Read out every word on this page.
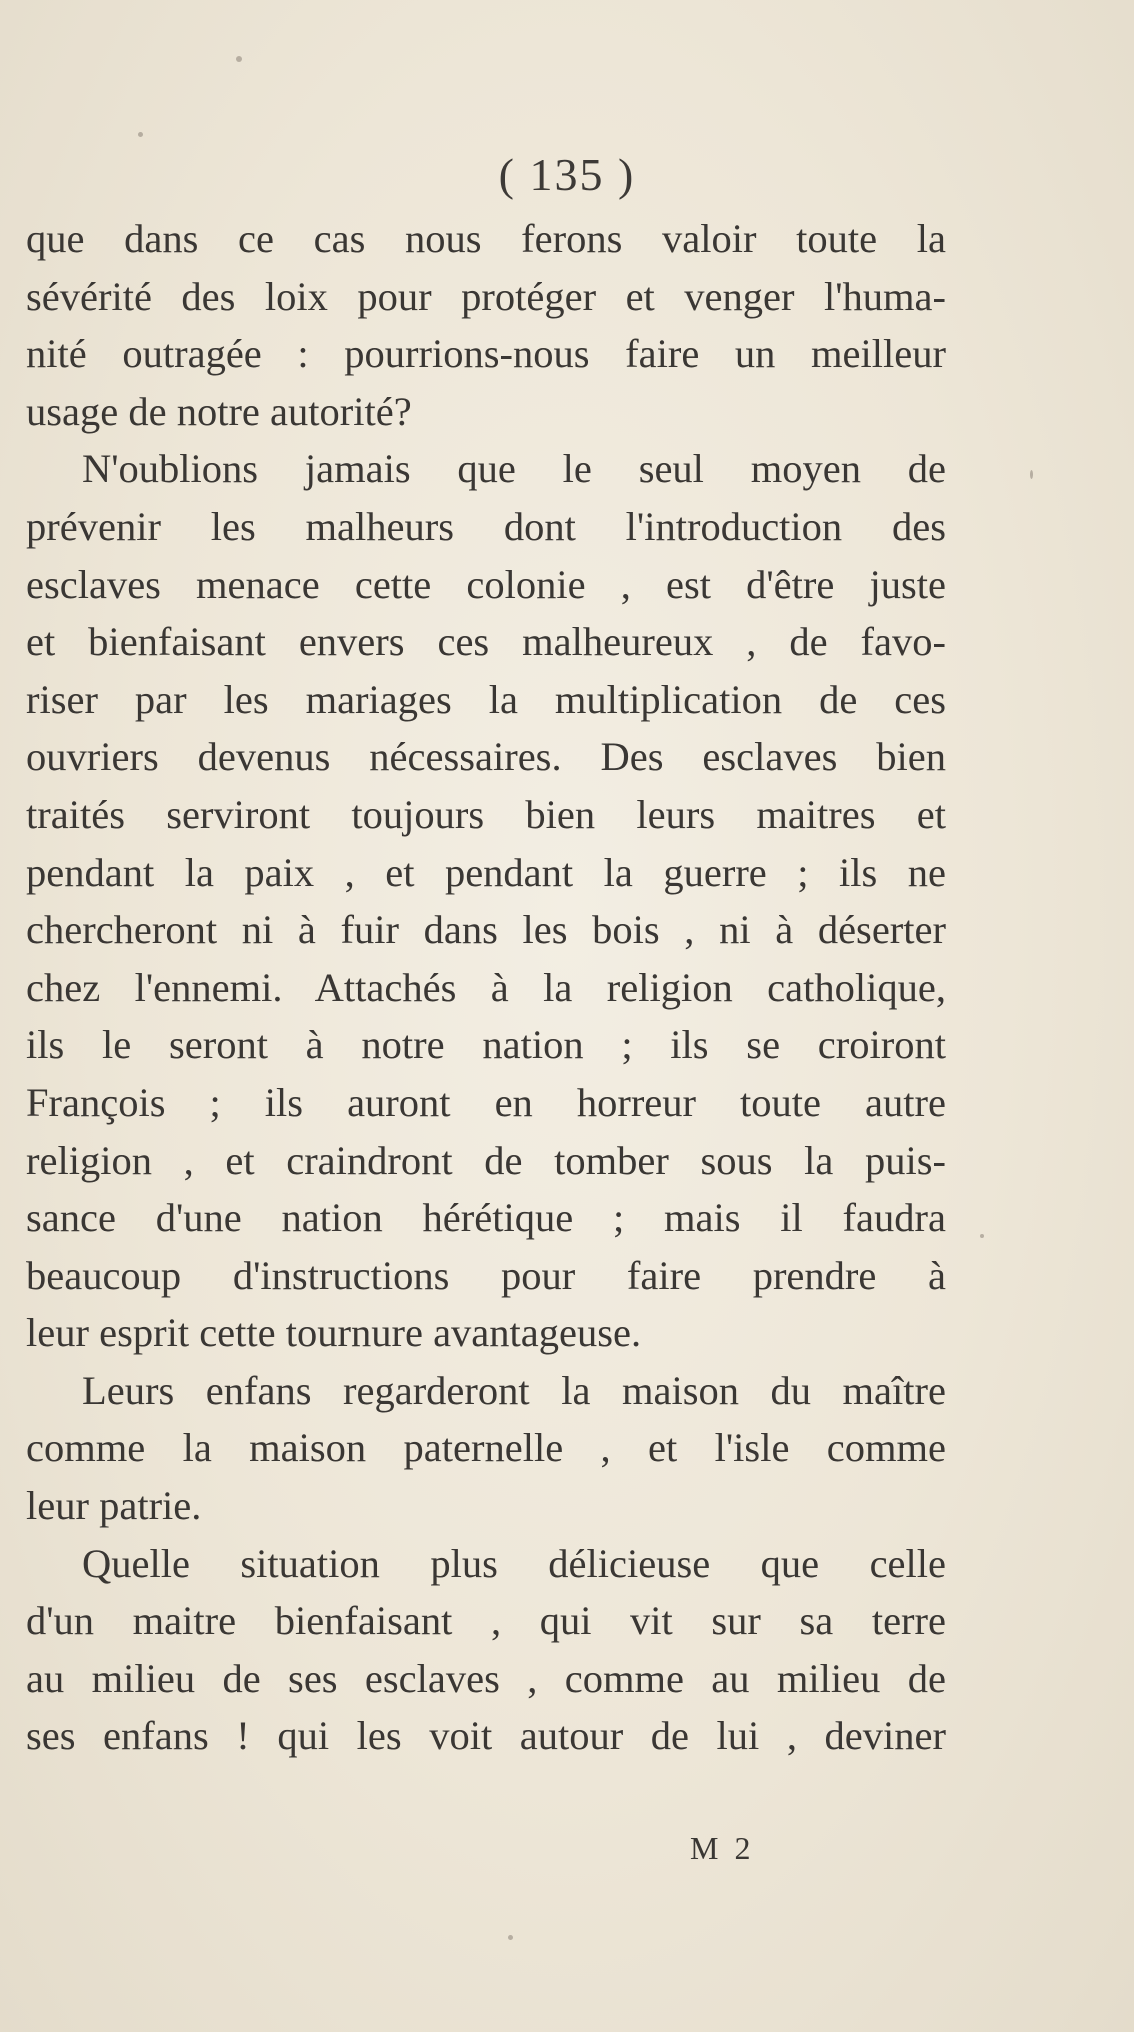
( 135 )
que dans ce cas nous ferons valoir toute la
sévérité des loix pour protéger et venger l'huma-
nité outragée : pourrions-nous faire un meilleur
usage de notre autorité?
N'oublions jamais que le seul moyen de
prévenir les malheurs dont l'introduction des
esclaves menace cette colonie , est d'être juste
et bienfaisant envers ces malheureux , de favo-
riser par les mariages la multiplication de ces
ouvriers devenus nécessaires. Des esclaves bien
traités serviront toujours bien leurs maitres et
pendant la paix , et pendant la guerre ; ils ne
chercheront ni à fuir dans les bois , ni à déserter
chez l'ennemi. Attachés à la religion catholique,
ils le seront à notre nation ; ils se croiront
François ; ils auront en horreur toute autre
religion , et craindront de tomber sous la puis-
sance d'une nation hérétique ; mais il faudra
beaucoup d'instructions pour faire prendre à
leur esprit cette tournure avantageuse.
Leurs enfans regarderont la maison du maître
comme la maison paternelle , et l'isle comme
leur patrie.
Quelle situation plus délicieuse que celle
d'un maitre bienfaisant , qui vit sur sa terre
au milieu de ses esclaves , comme au milieu de
ses enfans ! qui les voit autour de lui , deviner
M 2
